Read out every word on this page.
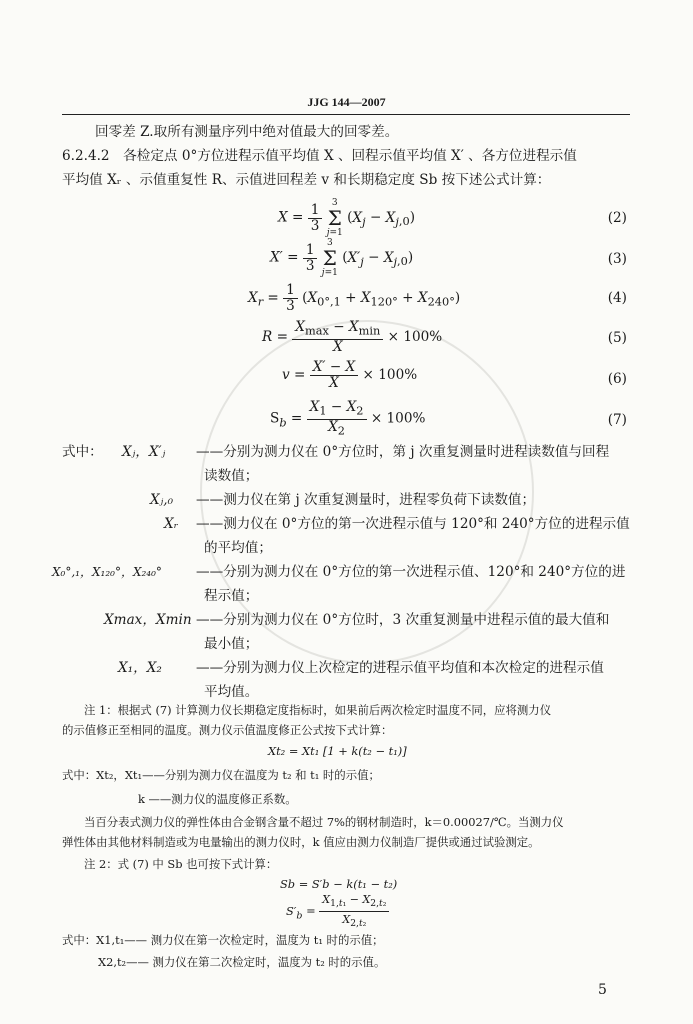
JJG 144—2007
回零差 Z.取所有测量序列中绝对值最大的回零差。
6.2.4.2　各检定点 0°方位进程示值平均值 X 、回程示值平均值 X′ 、各方位进程示值
平均值 Xᵣ 、示值重复性 R、示值进回程差 v 和长期稳定度 Sb 按下述公式计算：
$X = \frac{1}{3}$
	3
Σ
j=1
$(X_j - X_{j,0})$	(2)
$X' = \frac{1}{3}$
	3
Σ
j=1
$(X'_j - X_{j,0})$	(3)
$X_r = \frac{1}{3} (X_{0^\circ,1} + X_{120^\circ} + X_{240^\circ})$	(4)
$R = \frac{X_{max} - X_{min}}{X} \times 100\%$	(5)
$v = \frac{X' - X}{X} \times 100\%$	(6)
$S_b = \frac{X_1 - X_2}{X_2} \times 100\%$	(7)
式中： Xⱼ，X′ⱼ ——分别为测力仪在 0°方位时，第 j 次重复测量时进程读数值与回程
读数值；
Xⱼ,₀ ——测力仪在第 j 次重复测量时，进程零负荷下读数值；
Xᵣ ——测力仪在 0°方位的第一次进程示值与 120°和 240°方位的进程示值
的平均值；
X₀°,₁，X₁₂₀°，X₂₄₀°	——分别为测力仪在 0°方位的第一次进程示值、120°和 240°方位的进
程示值；
Xmax，Xmin ——分别为测力仪在 0°方位时，3 次重复测量中进程示值的最大值和
最小值；
X₁，X₂	——分别为测力仪上次检定的进程示值平均值和本次检定的进程示值
平均值。
注 1：根据式 (7) 计算测力仪长期稳定度指标时，如果前后两次检定时温度不同，应将测力仪
的示值修正至相同的温度。测力仪示值温度修正公式按下式计算：
Xt₂ = Xt₁ [1 + k(t₂ − t₁)]
式中：Xt₂，Xt₁——分别为测力仪在温度为 t₂ 和 t₁ 时的示值；
k ——测力仪的温度修正系数。
当百分表式测力仪的弹性体由合金钢含量不超过 7%的钢材制造时，k＝0.00027/℃。当测力仪
弹性体由其他材料制造或为电量输出的测力仪时，k 值应由测力仪制造厂提供或通过试验测定。
注 2：式 (7) 中 Sb 也可按下式计算：
Sb = S′b − k(t₁ − t₂)
$S'_b = \frac{X_{1,t_1} - X_{2,t_2}}{X_{2,t_2}}$
式中：X1,t₁—— 测力仪在第一次检定时，温度为 t₁ 时的示值；
X2,t₂—— 测力仪在第二次检定时，温度为 t₂ 时的示值。
5
